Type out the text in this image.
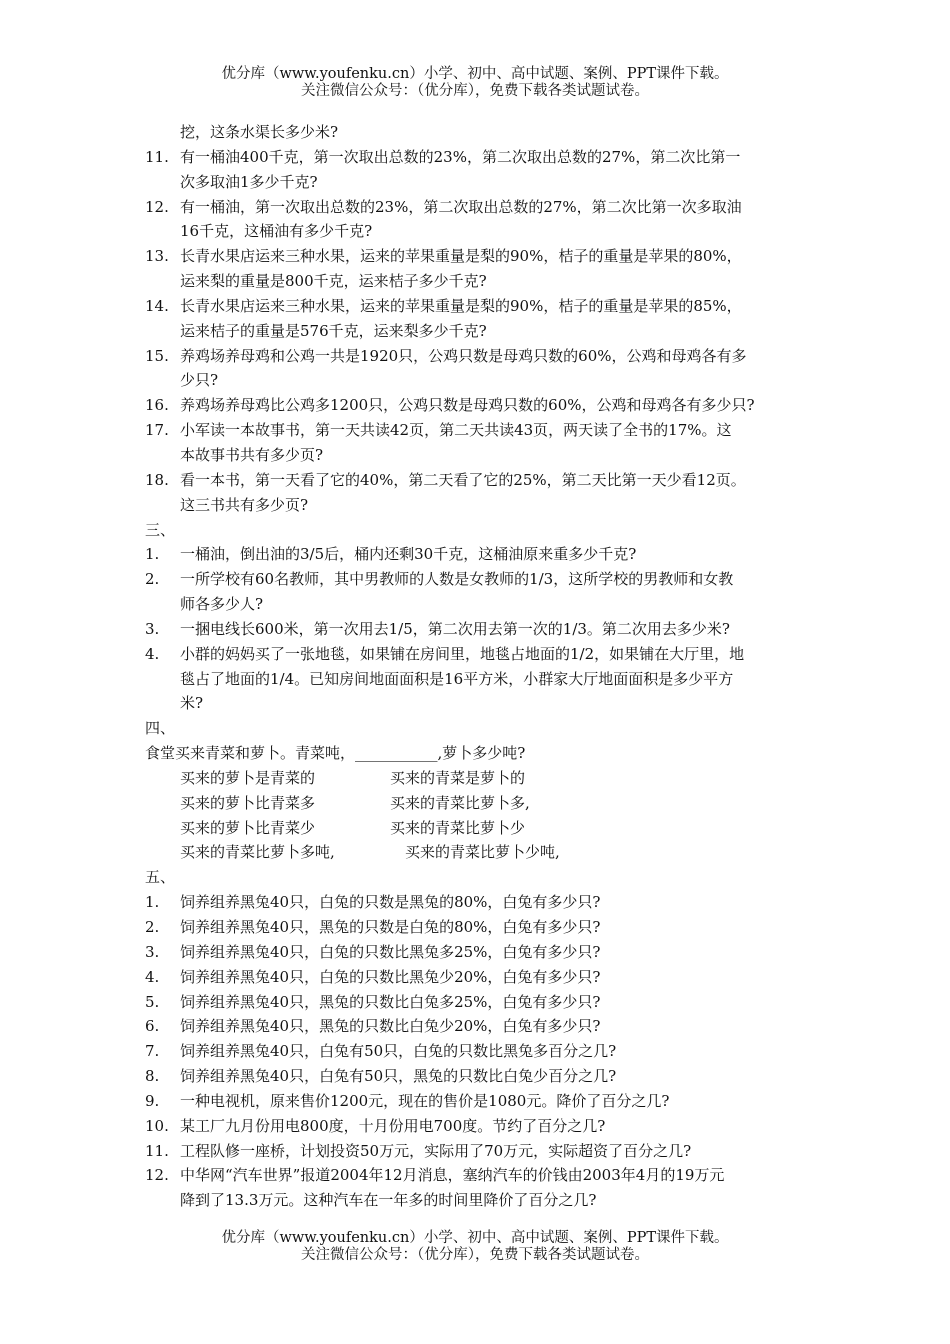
优分库（www.youfenku.cn）小学、初中、高中试题、案例、PPT课件下载。
关注微信公众号：（优分库），免费下载各类试题试卷。
挖，这条水渠长多少米?
11. 有一桶油400千克，第一次取出总数的23%，第二次取出总数的27%，第二次比第一
次多取油1多少千克?
12. 有一桶油，第一次取出总数的23%，第二次取出总数的27%，第二次比第一次多取油
16千克，这桶油有多少千克?
13. 长青水果店运来三种水果，运来的苹果重量是梨的90%，桔子的重量是苹果的80%，
运来梨的重量是800千克，运来桔子多少千克?
14. 长青水果店运来三种水果，运来的苹果重量是梨的90%，桔子的重量是苹果的85%，
运来桔子的重量是576千克，运来梨多少千克?
15. 养鸡场养母鸡和公鸡一共是1920只，公鸡只数是母鸡只数的60%，公鸡和母鸡各有多
少只?
16. 养鸡场养母鸡比公鸡多1200只，公鸡只数是母鸡只数的60%，公鸡和母鸡各有多少只?
17. 小军读一本故事书，第一天共读42页，第二天共读43页，两天读了全书的17%。这
本故事书共有多少页?
18. 看一本书，第一天看了它的40%，第二天看了它的25%，第二天比第一天少看12页。
这三书共有多少页?
三、
1. 一桶油，倒出油的3/5后，桶内还剩30千克，这桶油原来重多少千克?
2. 一所学校有60名教师，其中男教师的人数是女教师的1/3，这所学校的男教师和女教
师各多少人?
3. 一捆电线长600米，第一次用去1/5，第二次用去第一次的1/3。第二次用去多少米?
4. 小群的妈妈买了一张地毯，如果铺在房间里，地毯占地面的1/2，如果铺在大厅里，地
毯占了地面的1/4。已知房间地面面积是16平方米，小群家大厅地面面积是多少平方
米?
四、
食堂买来青菜和萝卜。青菜吨，___________,萝卜多少吨?
买来的萝卜是青菜的	买来的青菜是萝卜的
买来的萝卜比青菜多	买来的青菜比萝卜多,
买来的萝卜比青菜少	买来的青菜比萝卜少
买来的青菜比萝卜多吨,	买来的青菜比萝卜少吨,
五、
1. 饲养组养黑兔40只，白兔的只数是黑兔的80%，白兔有多少只?
2. 饲养组养黑兔40只，黑兔的只数是白兔的80%，白兔有多少只?
3. 饲养组养黑兔40只，白兔的只数比黑兔多25%，白兔有多少只?
4. 饲养组养黑兔40只，白兔的只数比黑兔少20%，白兔有多少只?
5. 饲养组养黑兔40只，黑兔的只数比白兔多25%，白兔有多少只?
6. 饲养组养黑兔40只，黑兔的只数比白兔少20%，白兔有多少只?
7. 饲养组养黑兔40只，白兔有50只，白兔的只数比黑兔多百分之几?
8. 饲养组养黑兔40只，白兔有50只，黑兔的只数比白兔少百分之几?
9. 一种电视机，原来售价1200元，现在的售价是1080元。降价了百分之几?
10. 某工厂九月份用电800度，十月份用电700度。节约了百分之几?
11. 工程队修一座桥，计划投资50万元，实际用了70万元，实际超资了百分之几?
12. 中华网“汽车世界”报道2004年12月消息，塞纳汽车的价钱由2003年4月的19万元
降到了13.3万元。这种汽车在一年多的时间里降价了百分之几?
优分库（www.youfenku.cn）小学、初中、高中试题、案例、PPT课件下载。
关注微信公众号：（优分库），免费下载各类试题试卷。
